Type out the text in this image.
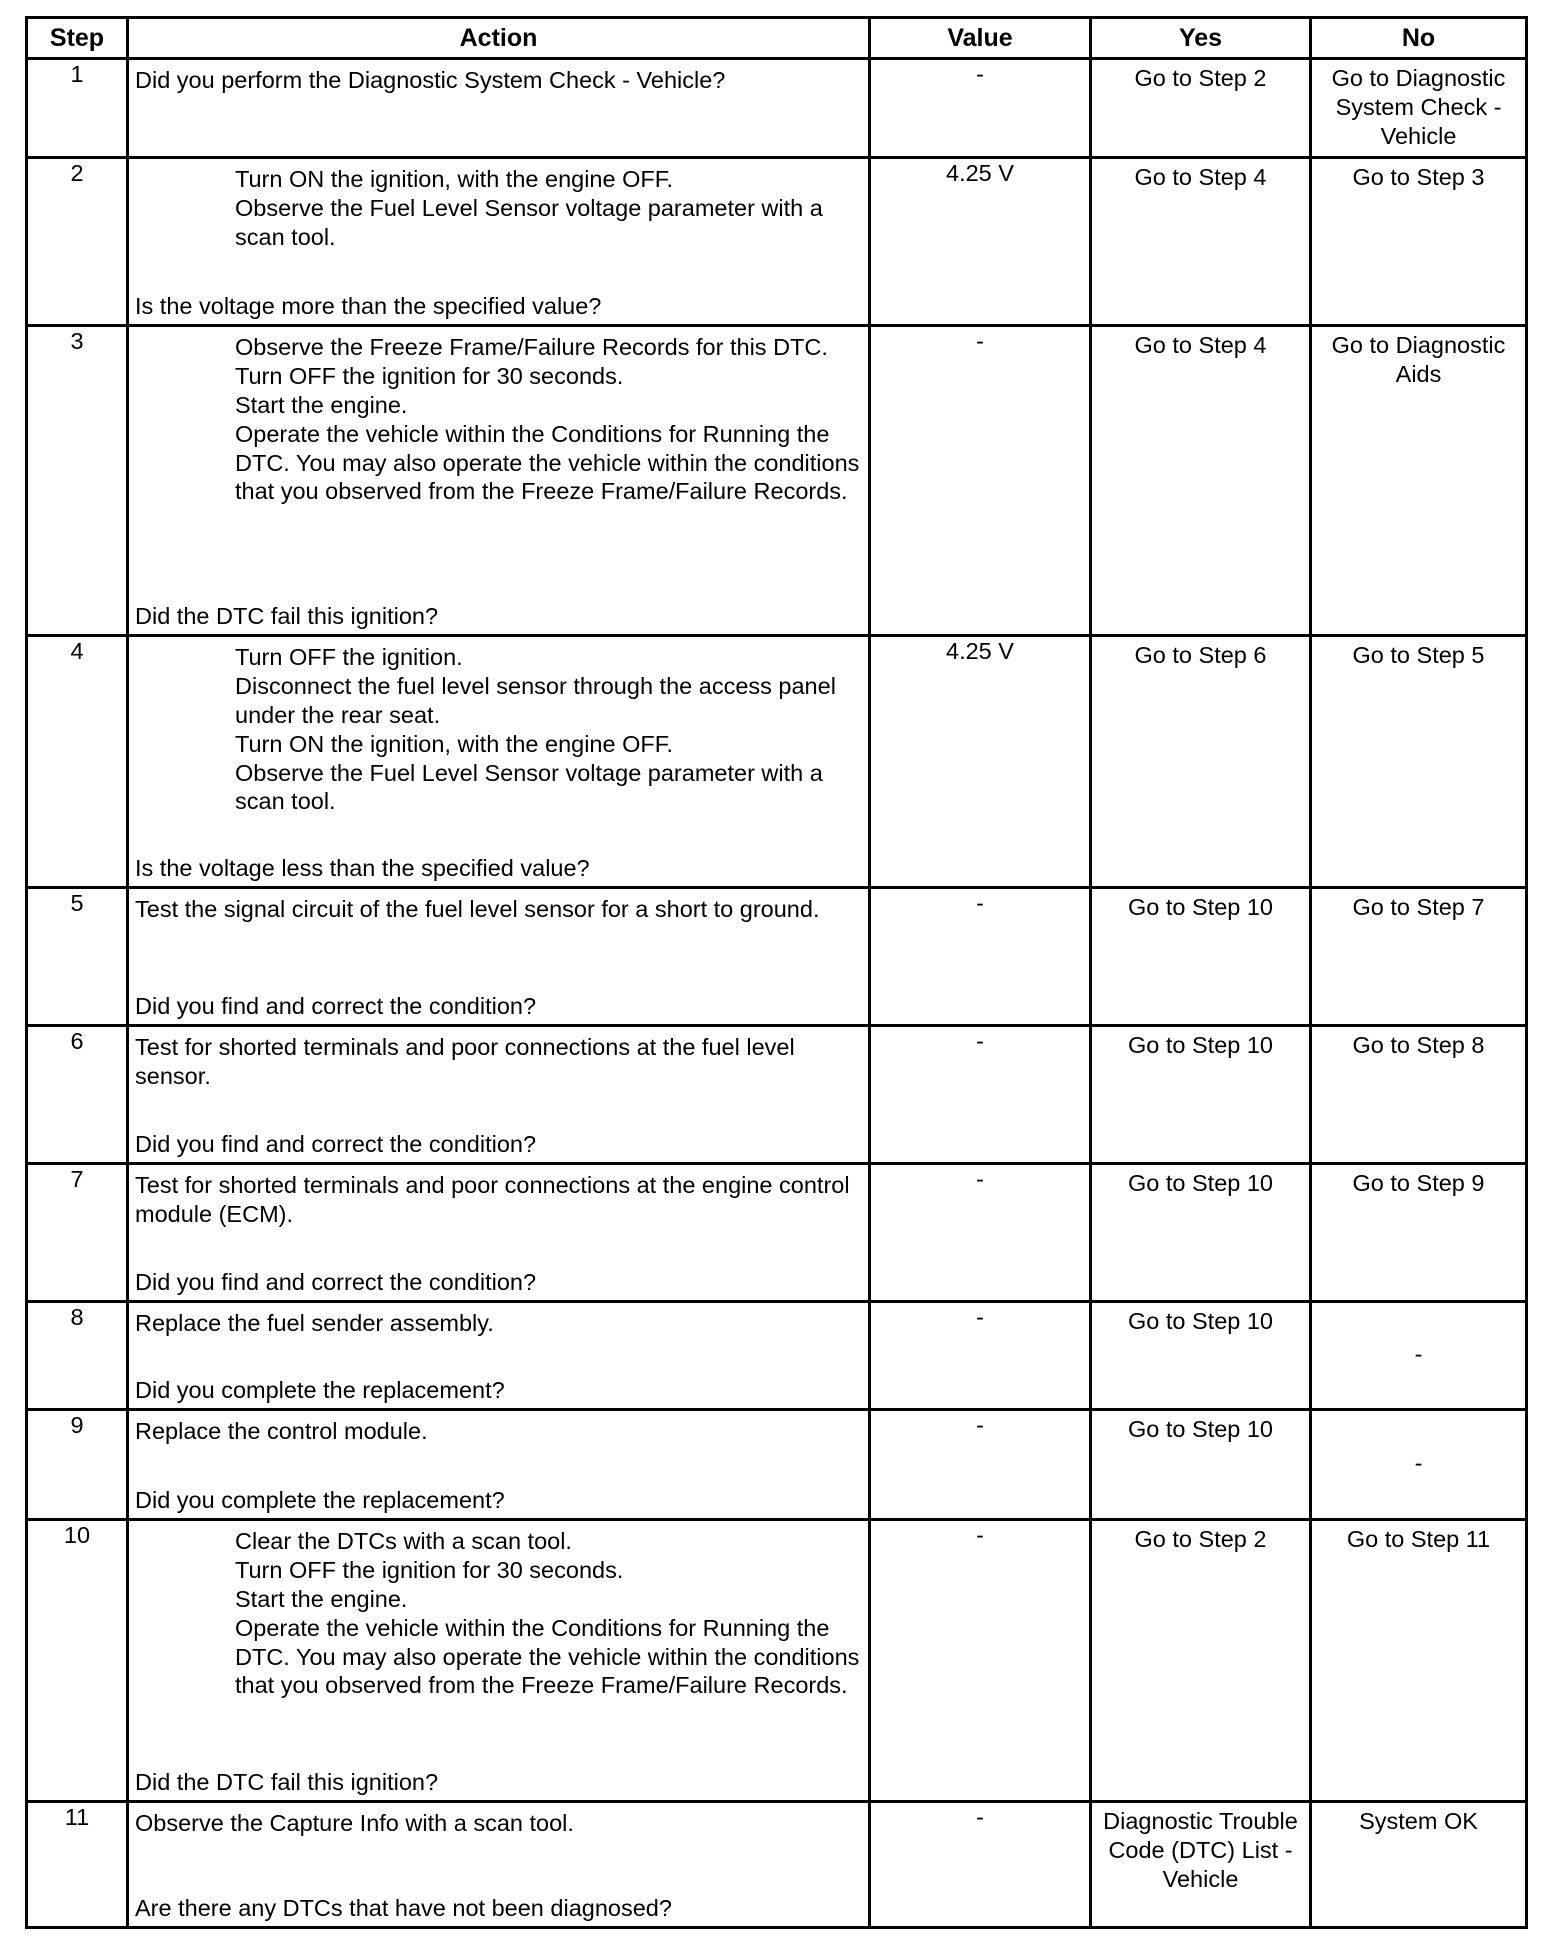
Step	Action	Value	Yes	No
1	Did you perform the Diagnostic System Check - Vehicle?	-	Go to Step 2	Go to Diagnostic System Check - Vehicle
2	Turn ON the ignition, with the engine OFF.
Observe the Fuel Level Sensor voltage parameter with a scan tool.
Is the voltage more than the specified value?	4.25 V	Go to Step 4	Go to Step 3
3	Observe the Freeze Frame/Failure Records for this DTC.
Turn OFF the ignition for 30 seconds.
Start the engine.
Operate the vehicle within the Conditions for Running the DTC. You may also operate the vehicle within the conditions that you observed from the Freeze Frame/Failure Records.
Did the DTC fail this ignition?	-	Go to Step 4	Go to Diagnostic Aids
4	Turn OFF the ignition.
Disconnect the fuel level sensor through the access panel under the rear seat.
Turn ON the ignition, with the engine OFF.
Observe the Fuel Level Sensor voltage parameter with a scan tool.
Is the voltage less than the specified value?	4.25 V	Go to Step 6	Go to Step 5
5	Test the signal circuit of the fuel level sensor for a short to ground.
Did you find and correct the condition?	-	Go to Step 10	Go to Step 7
6	Test for shorted terminals and poor connections at the fuel level sensor.
Did you find and correct the condition?	-	Go to Step 10	Go to Step 8
7	Test for shorted terminals and poor connections at the engine control module (ECM).
Did you find and correct the condition?	-	Go to Step 10	Go to Step 9
8	Replace the fuel sender assembly.
Did you complete the replacement?	-	Go to Step 10	-
9	Replace the control module.
Did you complete the replacement?	-	Go to Step 10	-
10	Clear the DTCs with a scan tool.
Turn OFF the ignition for 30 seconds.
Start the engine.
Operate the vehicle within the Conditions for Running the DTC. You may also operate the vehicle within the conditions that you observed from the Freeze Frame/Failure Records.
Did the DTC fail this ignition?	-	Go to Step 2	Go to Step 11
11	Observe the Capture Info with a scan tool.
Are there any DTCs that have not been diagnosed?	-	Diagnostic Trouble Code (DTC) List - Vehicle	System OK
